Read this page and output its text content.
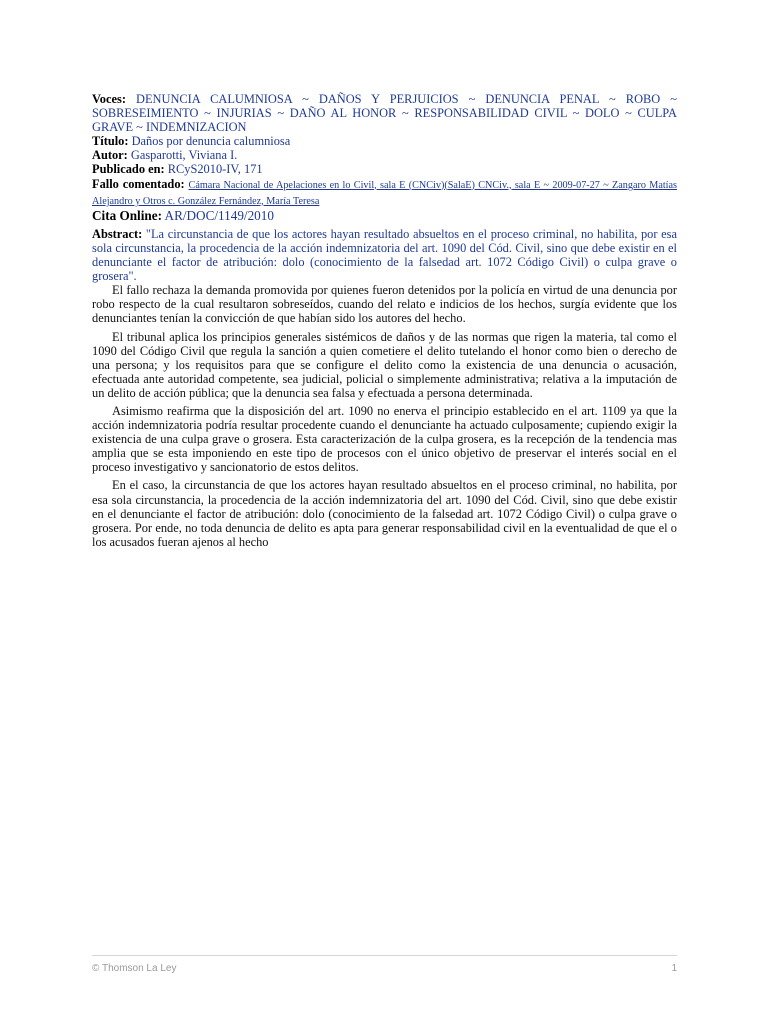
Voces: DENUNCIA CALUMNIOSA ~ DAÑOS Y PERJUICIOS ~ DENUNCIA PENAL ~ ROBO ~ SOBRESEIMIENTO ~ INJURIAS ~ DAÑO AL HONOR ~ RESPONSABILIDAD CIVIL ~ DOLO ~ CULPA GRAVE ~ INDEMNIZACION
Título: Daños por denuncia calumniosa
Autor: Gasparotti, Viviana I.
Publicado en: RCyS2010-IV, 171
Fallo comentado: Cámara Nacional de Apelaciones en lo Civil, sala E (CNCiv)(SalaE) CNCiv., sala E ~ 2009-07-27 ~ Zangaro Matías Alejandro y Otros c. González Fernández, María Teresa
Cita Online: AR/DOC/1149/2010
Abstract: "La circunstancia de que los actores hayan resultado absueltos en el proceso criminal, no habilita, por esa sola circunstancia, la procedencia de la acción indemnizatoria del art. 1090 del Cód. Civil, sino que debe existir en el denunciante el factor de atribución: dolo (conocimiento de la falsedad art. 1072 Código Civil) o culpa grave o grosera".

El fallo rechaza la demanda promovida por quienes fueron detenidos por la policía en virtud de una denuncia por robo respecto de la cual resultaron sobreseídos, cuando del relato e indicios de los hechos, surgía evidente que los denunciantes tenían la convicción de que habían sido los autores del hecho.

El tribunal aplica los principios generales sistémicos de daños y de las normas que rigen la materia, tal como el 1090 del Código Civil que regula la sanción a quien cometiere el delito tutelando el honor como bien o derecho de una persona; y los requisitos para que se configure el delito como la existencia de una denuncia o acusación, efectuada ante autoridad competente, sea judicial, policial o simplemente administrativa; relativa a la imputación de un delito de acción pública; que la denuncia sea falsa y efectuada a persona determinada.

Asimismo reafirma que la disposición del art. 1090 no enerva el principio establecido en el art. 1109 ya que la acción indemnizatoria podría resultar procedente cuando el denunciante ha actuado culposamente; cupiendo exigir la existencia de una culpa grave o grosera. Esta caracterización de la culpa grosera, es la recepción de la tendencia mas amplia que se esta imponiendo en este tipo de procesos con el único objetivo de preservar el interés social en el proceso investigativo y sancionatorio de estos delitos.

En el caso, la circunstancia de que los actores hayan resultado absueltos en el proceso criminal, no habilita, por esa sola circunstancia, la procedencia de la acción indemnizatoria del art. 1090 del Cód. Civil, sino que debe existir en el denunciante el factor de atribución: dolo (conocimiento de la falsedad art. 1072 Código Civil) o culpa grave o grosera. Por ende, no toda denuncia de delito es apta para generar responsabilidad civil en la eventualidad de que el o los acusados fueran ajenos al hecho

© Thomson La Ley	1
